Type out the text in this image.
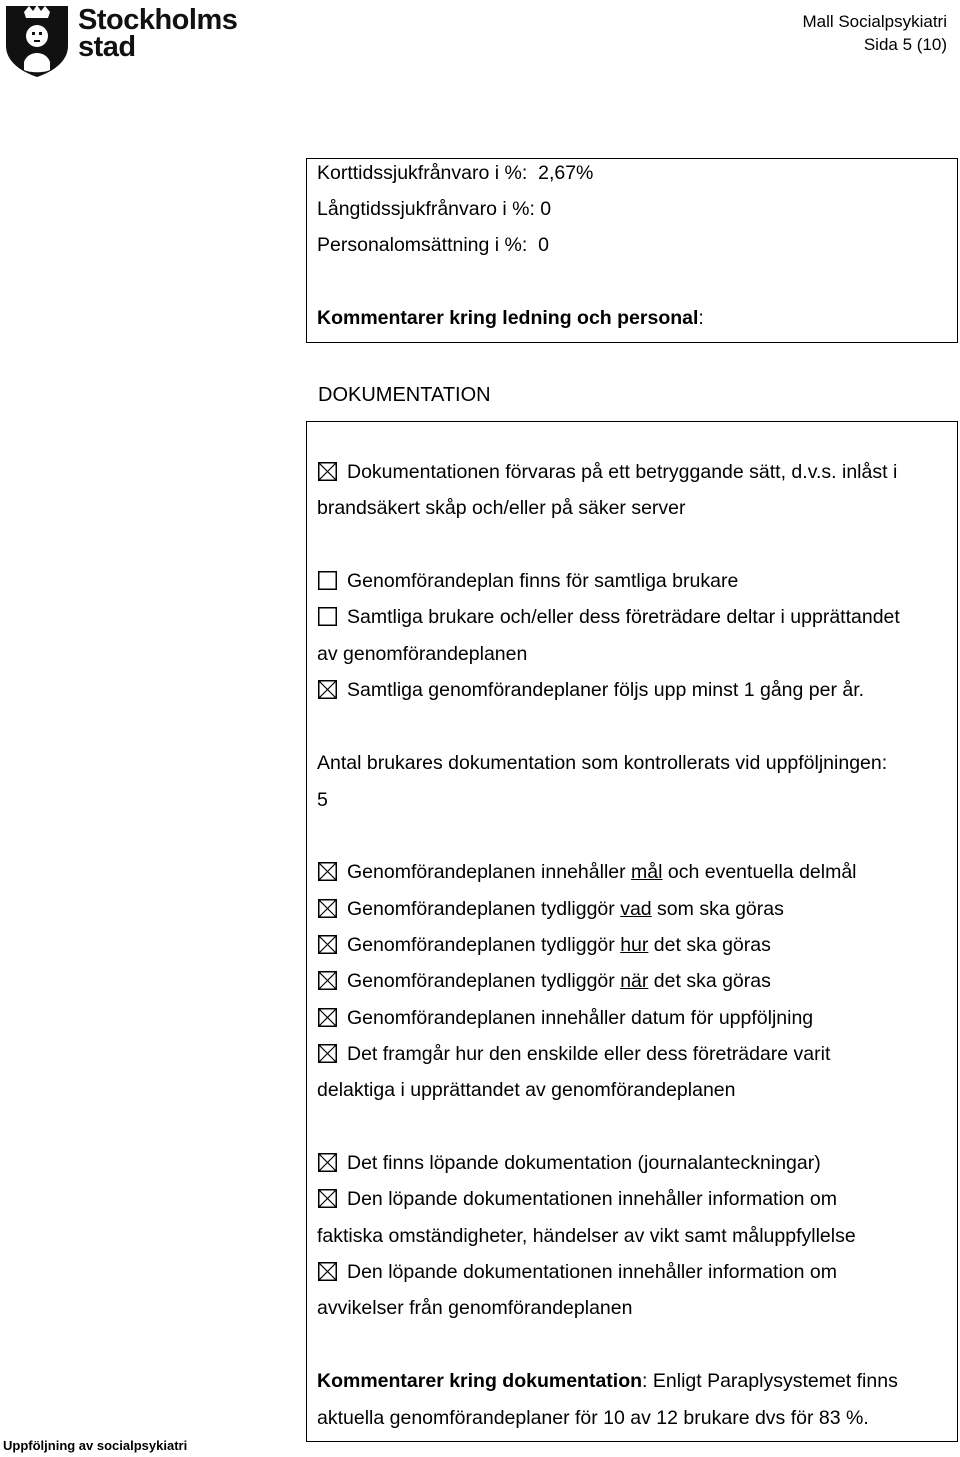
Stockholms
stad
Mall Socialpsykiatri
Sida 5 (10)
Korttidssjukfrånvaro i %: 2,67%
Långtidssjukfrånvaro i %: 0
Personalomsättning i %: 0
Kommentarer kring ledning och personal:
DOKUMENTATION
Dokumentationen förvaras på ett betryggande sätt, d.v.s. inlåst i
brandsäkert skåp och/eller på säker server
Genomförandeplan finns för samtliga brukare
Samtliga brukare och/eller dess företrädare deltar i upprättandet
av genomförandeplanen
Samtliga genomförandeplaner följs upp minst 1 gång per år.
Antal brukares dokumentation som kontrollerats vid uppföljningen:
5
Genomförandeplanen innehåller mål och eventuella delmål
Genomförandeplanen tydliggör vad som ska göras
Genomförandeplanen tydliggör hur det ska göras
Genomförandeplanen tydliggör när det ska göras
Genomförandeplanen innehåller datum för uppföljning
Det framgår hur den enskilde eller dess företrädare varit
delaktiga i upprättandet av genomförandeplanen
Det finns löpande dokumentation (journalanteckningar)
Den löpande dokumentationen innehåller information om
faktiska omständigheter, händelser av vikt samt måluppfyllelse
Den löpande dokumentationen innehåller information om
avvikelser från genomförandeplanen
Kommentarer kring dokumentation: Enligt Paraplysystemet finns
aktuella genomförandeplaner för 10 av 12 brukare dvs för 83 %.
Uppföljning av socialpsykiatri
